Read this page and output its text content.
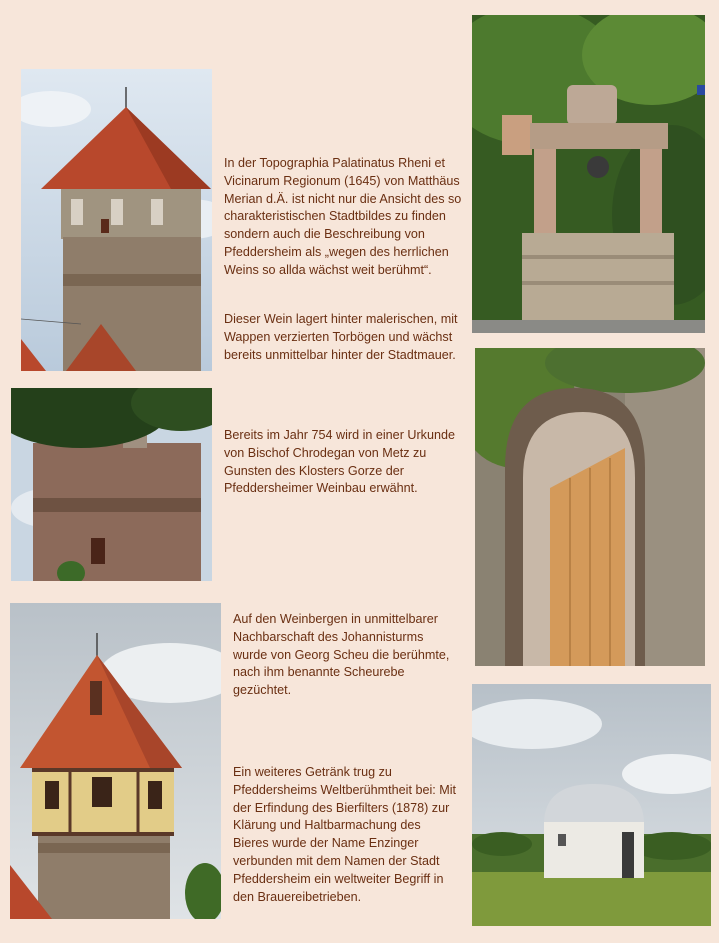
In der Topographia Palatinatus Rheni et Vicinarum Regionum (1645) von Matthäus Merian d.Ä. ist nicht nur die Ansicht des so charakteristischen Stadtbildes zu finden sondern auch die Beschreibung von Pfeddersheim als „wegen des herrlichen Weins so allda wächst weit berühmt“.

Dieser Wein lagert hinter malerischen, mit Wappen verzierten Torbögen und wächst bereits unmittelbar hinter der Stadtmauer.

Bereits im Jahr 754 wird in einer Urkunde von Bischof Chrodegan von Metz zu Gunsten des Klosters Gorze der Pfeddersheimer Weinbau erwähnt.

Auf den Weinbergen in unmittelbarer Nachbarschaft des Johannisturms wurde von Georg Scheu die berühmte, nach ihm benannte Scheurebe gezüchtet.

Ein weiteres Getränk trug zu Pfeddersheims Weltberühmtheit bei: Mit der Erfindung des Bierfilters (1878) zur Klärung und Haltbarmachung des Bieres wurde der Name Enzinger verbunden mit dem Namen der Stadt Pfeddersheim ein weltweiter Begriff in den Brauereibetrieben.
